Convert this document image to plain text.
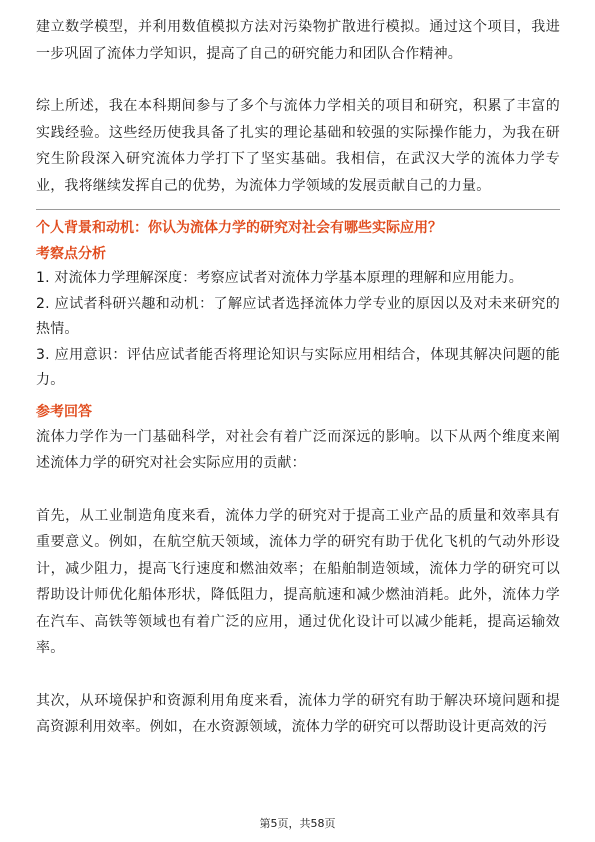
建立数学模型，并利用数值模拟方法对污染物扩散进行模拟。通过这个项目，我进一步巩固了流体力学知识，提高了自己的研究能力和团队合作精神。

综上所述，我在本科期间参与了多个与流体力学相关的项目和研究，积累了丰富的实践经验。这些经历使我具备了扎实的理论基础和较强的实际操作能力，为我在研究生阶段深入研究流体力学打下了坚实基础。我相信，在武汉大学的流体力学专业，我将继续发挥自己的优势，为流体力学领域的发展贡献自己的力量。

个人背景和动机：你认为流体力学的研究对社会有哪些实际应用？

考察点分析

1. 对流体力学理解深度：考察应试者对流体力学基本原理的理解和应用能力。
2. 应试者科研兴趣和动机：了解应试者选择流体力学专业的原因以及对未来研究的热情。
3. 应用意识：评估应试者能否将理论知识与实际应用相结合，体现其解决问题的能力。

参考回答

流体力学作为一门基础科学，对社会有着广泛而深远的影响。以下从两个维度来阐述流体力学的研究对社会实际应用的贡献：

首先，从工业制造角度来看，流体力学的研究对于提高工业产品的质量和效率具有重要意义。例如，在航空航天领域，流体力学的研究有助于优化飞机的气动外形设计，减少阻力，提高飞行速度和燃油效率；在船舶制造领域，流体力学的研究可以帮助设计师优化船体形状，降低阻力，提高航速和减少燃油消耗。此外，流体力学在汽车、高铁等领域也有着广泛的应用，通过优化设计可以减少能耗，提高运输效率。

其次，从环境保护和资源利用角度来看，流体力学的研究有助于解决环境问题和提高资源利用效率。例如，在水资源领域，流体力学的研究可以帮助设计更高效的污

第5页，共58页
